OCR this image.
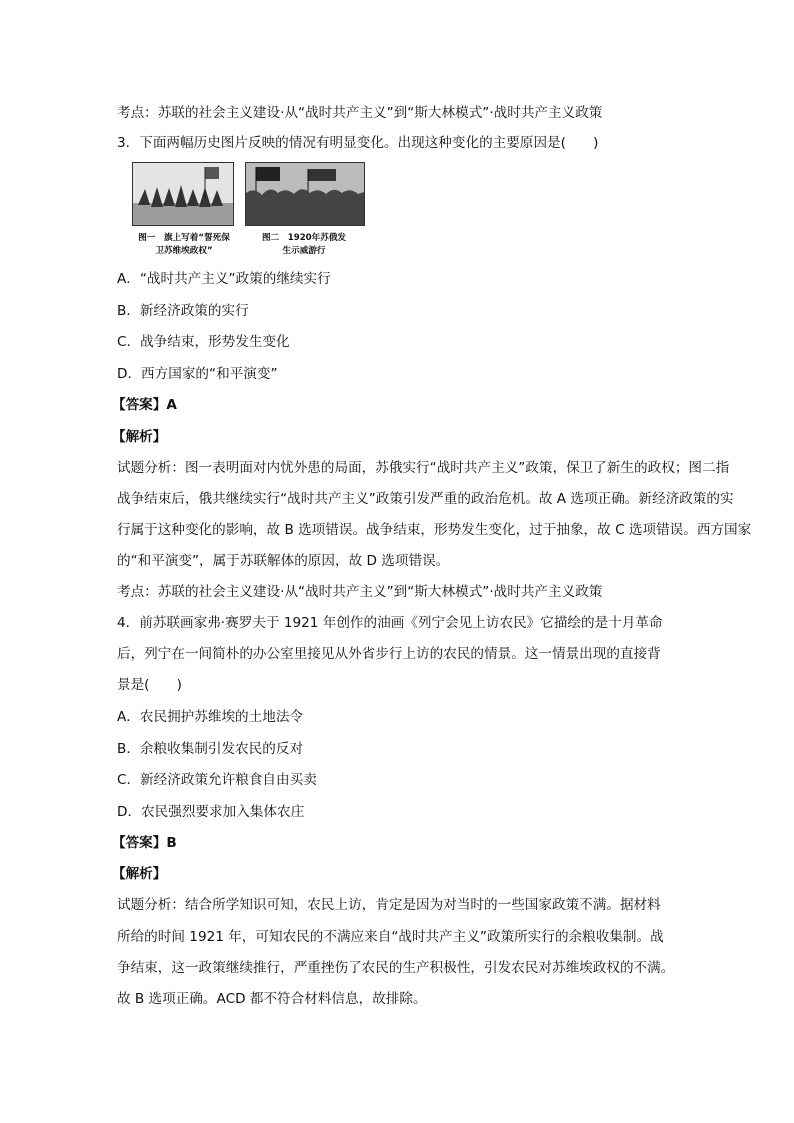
考点：苏联的社会主义建设·从“战时共产主义”到“斯大林模式”·战时共产主义政策
3．下面两幅历史图片反映的情况有明显变化。出现这种变化的主要原因是(　　)
图一　旗上写着“誓死保
卫苏维埃政权”
图二　1920年苏俄发
生示威游行
A．“战时共产主义”政策的继续实行
B．新经济政策的实行
C．战争结束，形势发生变化
D．西方国家的“和平演变”
【答案】A
【解析】
试题分析：图一表明面对内忧外患的局面，苏俄实行“战时共产主义”政策，保卫了新生的政权；图二指
战争结束后，俄共继续实行“战时共产主义”政策引发严重的政治危机。故 A 选项正确。新经济政策的实
行属于这种变化的影响，故 B 选项错误。战争结束，形势发生变化，过于抽象，故 C 选项错误。西方国家
的“和平演变”，属于苏联解体的原因，故 D 选项错误。
考点：苏联的社会主义建设·从“战时共产主义”到“斯大林模式”·战时共产主义政策
4．前苏联画家弗·赛罗夫于 1921 年创作的油画《列宁会见上访农民》它描绘的是十月革命
后，列宁在一间简朴的办公室里接见从外省步行上访的农民的情景。这一情景出现的直接背
景是(　　)
A．农民拥护苏维埃的土地法令
B．余粮收集制引发农民的反对
C．新经济政策允许粮食自由买卖
D．农民强烈要求加入集体农庄
【答案】B
【解析】
试题分析：结合所学知识可知，农民上访，肯定是因为对当时的一些国家政策不满。据材料
所给的时间 1921 年，可知农民的不满应来自“战时共产主义”政策所实行的余粮收集制。战
争结束，这一政策继续推行，严重挫伤了农民的生产积极性，引发农民对苏维埃政权的不满。
故 B 选项正确。ACD 都不符合材料信息，故排除。
